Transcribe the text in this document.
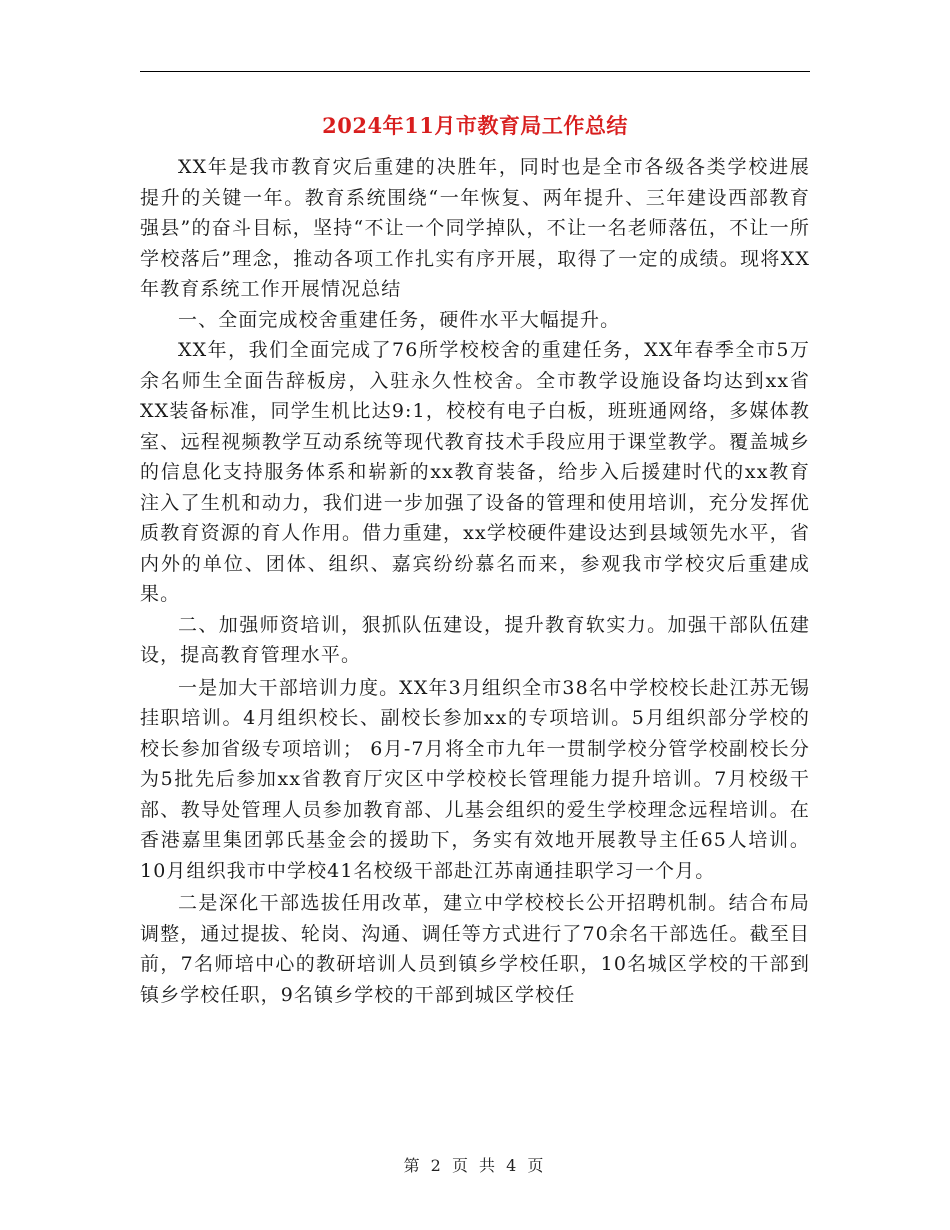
2024年11月市教育局工作总结

XX年是我市教育灾后重建的决胜年，同时也是全市各级各类学校进展提升的关键一年。教育系统围绕“一年恢复、两年提升、三年建设西部教育强县”的奋斗目标，坚持“不让一个同学掉队，不让一名老师落伍，不让一所学校落后”理念，推动各项工作扎实有序开展，取得了一定的成绩。现将XX年教育系统工作开展情况总结

一、全面完成校舍重建任务，硬件水平大幅提升。

XX年，我们全面完成了76所学校校舍的重建任务，XX年春季全市5万余名师生全面告辞板房，入驻永久性校舍。全市教学设施设备均达到xx省XX装备标准，同学生机比达9:1，校校有电子白板，班班通网络，多媒体教室、远程视频教学互动系统等现代教育技术手段应用于课堂教学。覆盖城乡的信息化支持服务体系和崭新的xx教育装备，给步入后援建时代的xx教育注入了生机和动力，我们进一步加强了设备的管理和使用培训，充分发挥优质教育资源的育人作用。借力重建，xx学校硬件建设达到县域领先水平，省内外的单位、团体、组织、嘉宾纷纷慕名而来，参观我市学校灾后重建成果。

二、加强师资培训，狠抓队伍建设，提升教育软实力。加强干部队伍建设，提高教育管理水平。

一是加大干部培训力度。XX年3月组织全市38名中学校校长赴江苏无锡挂职培训。4月组织校长、副校长参加xx的专项培训。5月组织部分学校的校长参加省级专项培训； 6月-7月将全市九年一贯制学校分管学校副校长分为5批先后参加xx省教育厅灾区中学校校长管理能力提升培训。7月校级干部、教导处管理人员参加教育部、儿基会组织的爱生学校理念远程培训。在香港嘉里集团郭氏基金会的援助下，务实有效地开展教导主任65人培训。10月组织我市中学校41名校级干部赴江苏南通挂职学习一个月。

二是深化干部选拔任用改革，建立中学校校长公开招聘机制。结合布局调整，通过提拔、轮岗、沟通、调任等方式进行了70余名干部选任。截至目前，7名师培中心的教研培训人员到镇乡学校任职，10名城区学校的干部到镇乡学校任职，9名镇乡学校的干部到城区学校任

第 2 页 共 4 页
